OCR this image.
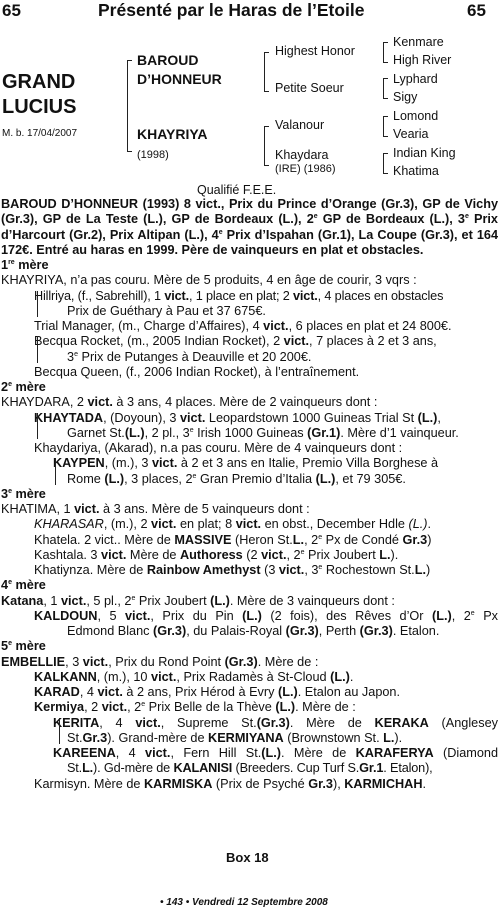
65	Présenté par le Haras de l’Etoile	65
GRAND
LUCIUS
M. b. 17/04/2007
BAROUD
D’HONNEUR
KHAYRIYA
(1998)
Highest Honor
Petite Soeur
Valanour
Khaydara
(IRE) (1986)
Kenmare
High River
Lyphard
Sigy
Lomond
Vearia
Indian King
Khatima
Qualifié F.E.E.

BAROUD D’HONNEUR (1993) 8 vict., Prix du Prince d’Orange (Gr.3), GP de Vichy (Gr.3), GP de La Teste (L.), GP de Bordeaux (L.), 2e GP de Bordeaux (L.), 3e Prix d’Harcourt (Gr.2), Prix Altipan (L.), 4e Prix d’Ispahan (Gr.1), La Coupe (Gr.3), et 164 172€. Entré au haras en 1999. Père de vainqueurs en plat et obstacles.

1re mère

KHAYRIYA, n’a pas couru. Mère de 5 produits, 4 en âge de courir, 3 vqrs :

Hillriya, (f., Sabrehill), 1 vict., 1 place en plat; 2 vict., 4 places en obstacles

Prix de Guéthary à Pau et 37 675€.

Trial Manager, (m., Charge d’Affaires), 4 vict., 6 places en plat et 24 800€.

Becqua Rocket, (m., 2005 Indian Rocket), 2 vict., 7 places à 2 et 3 ans,

3e Prix de Putanges à Deauville et 20 200€.

Becqua Queen, (f., 2006 Indian Rocket), à l’entraînement.

2e mère

KHAYDARA, 2 vict. à 3 ans, 4 places. Mère de 2 vainqueurs dont :

KHAYTADA, (Doyoun), 3 vict. Leopardstown 1000 Guineas Trial St (L.),

Garnet St.(L.), 2 pl., 3e Irish 1000 Guineas (Gr.1). Mère d’1 vainqueur.

Khaydariya, (Akarad), n.a pas couru. Mère de 4 vainqueurs dont :

KAYPEN, (m.), 3 vict. à 2 et 3 ans en Italie, Premio Villa Borghese à

Rome (L.), 3 places, 2e Gran Premio d’Italia (L.), et 79 305€.

3e mère

KHATIMA, 1 vict. à 3 ans. Mère de 5 vainqueurs dont :

KHARASAR, (m.), 2 vict. en plat; 8 vict. en obst., December Hdle (L.).

Khatela. 2 vict.. Mère de MASSIVE (Heron St.L., 2e Px de Condé Gr.3)

Kashtala. 3 vict. Mère de Authoress (2 vict., 2e Prix Joubert L.).

Khatiynza. Mère de Rainbow Amethyst (3 vict., 3e Rochestown St.L.)

4e mère

Katana, 1 vict., 5 pl., 2e Prix Joubert (L.). Mère de 3 vainqueurs dont :

KALDOUN, 5 vict., Prix du Pin (L.) (2 fois), des Rêves d’Or (L.), 2e Px

Edmond Blanc (Gr.3), du Palais-Royal (Gr.3), Perth (Gr.3). Etalon.

5e mère

EMBELLIE, 3 vict., Prix du Rond Point (Gr.3). Mère de :

KALKANN, (m.), 10 vict., Prix Radamès à St-Cloud (L.).

KARAD, 4 vict. à 2 ans, Prix Hérod à Evry (L.). Etalon au Japon.

Kermiya, 2 vict., 2e Prix Belle de la Thève (L.). Mère de :

KERITA, 4 vict., Supreme St.(Gr.3). Mère de KERAKA (Anglesey

St.Gr.3). Grand-mère de KERMIYANA (Brownstown St. L.).

KAREENA, 4 vict., Fern Hill St.(L.). Mère de KARAFERYA (Diamond

St.L.). Gd-mère de KALANISI (Breeders. Cup Turf S.Gr.1. Etalon),

Karmisyn. Mère de KARMISKA (Prix de Psyché Gr.3), KARMICHAH.

Box 18
• 143 • Vendredi 12 Septembre 2008
